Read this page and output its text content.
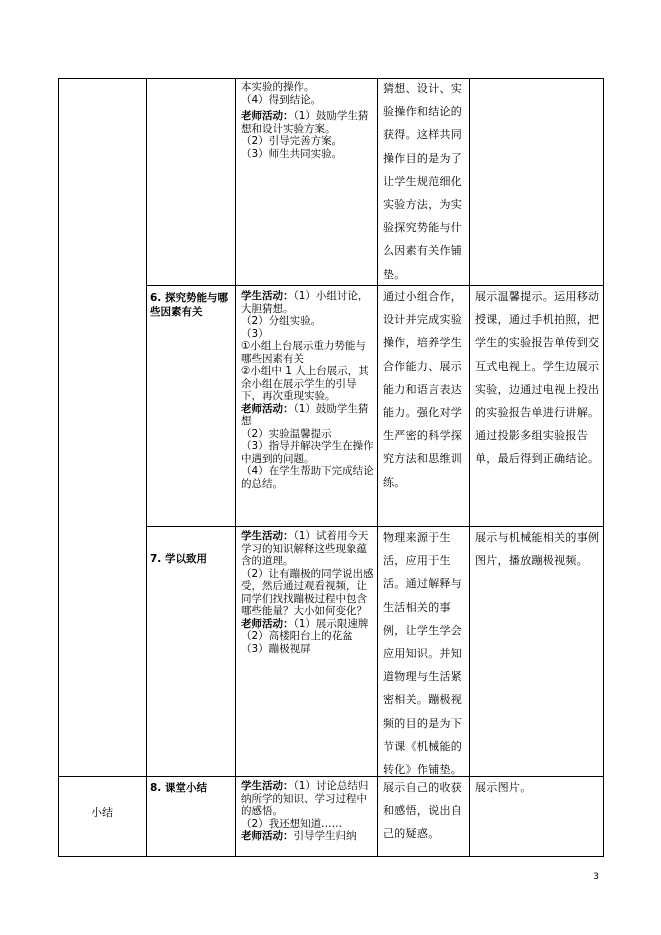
本实验的操作。

（4）得到结论。

老师活动：（1）鼓励学生猜想和设计实验方案。

（2）引导完善方案。

（3）师生共同实验。

猜想、设计、实验操作和结论的获得。这样共同操作目的是为了让学生规范细化实验方法，为实验探究势能与什么因素有关作铺垫。
6. 探究势能与哪些因素有关

学生活动：（1）小组讨论，大胆猜想。

（2）分组实验。

（3）

①小组上台展示重力势能与哪些因素有关

②小组中 1 人上台展示，其余小组在展示学生的引导下，再次重现实验。

老师活动：（1）鼓励学生猜想

（2）实验温馨提示

（3）指导并解决学生在操作中遇到的问题。

（4）在学生帮助下完成结论的总结。

通过小组合作，设计并完成实验操作，培养学生合作能力、展示能力和语言表达能力。强化对学生严密的科学探究方法和思维训练。
展示温馨提示。运用移动授课，通过手机拍照，把学生的实验报告单传到交互式电视上。学生边展示实验，边通过电视上投出的实验报告单进行讲解。通过投影多组实验报告单，最后得到正确结论。
7. 学以致用

学生活动：（1）试着用今天学习的知识解释这些现象蕴含的道理。

（2）让有蹦极的同学说出感受，然后通过观看视频，让同学们找找蹦极过程中包含哪些能量？大小如何变化？

老师活动：（1）展示限速牌

（2）高楼阳台上的花盆

（3）蹦极视屏

物理来源于生活，应用于生活。通过解释与生活相关的事例，让学生学会应用知识。并知道物理与生活紧密相关。蹦极视频的目的是为下节课《机械能的转化》作铺垫。
展示与机械能相关的事例图片，播放蹦极视频。
小结
8. 课堂小结	学生活动：（1）讨论总结归纳所学的知识、学习过程中的感悟。

（2）我还想知道……

老师活动：引导学生归纳

展示自己的收获和感悟，说出自己的疑惑。
展示图片。
3
